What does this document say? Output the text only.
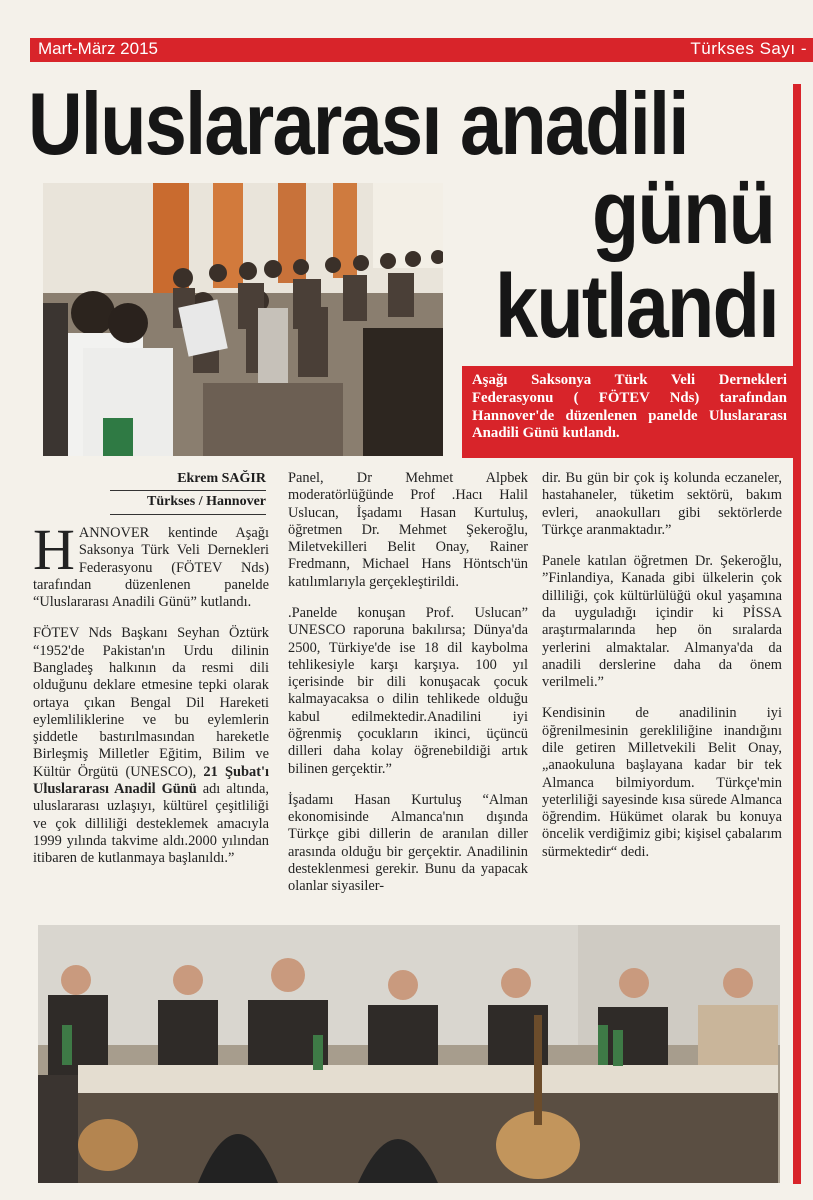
Mart-März 2015	Türkses Sayı -
Uluslararası anadili
günü
kutlandı
Aşağı Saksonya Türk Veli Dernekleri Federasyonu ( FÖTEV Nds) tarafından Hannover'de düzenlenen panelde Uluslararası Anadili Günü kutlandı.
Ekrem SAĞIR
Türkses / Hannover

HANNOVER kentinde Aşağı Saksonya Türk Veli Dernekleri Federasyonu (FÖTEV Nds) tarafından düzenlenen panelde “Uluslararası Anadili Günü” kutlandı.

FÖTEV Nds Başkanı Seyhan Öztürk “1952'de Pakistan'ın Urdu dilinin Bangladeş halkının da resmi dili olduğunu deklare etmesine tepki olarak ortaya çıkan Bengal Dil Hareketi eylemliliklerine ve bu eylemlerin şiddetle bastırılmasından hareketle Birleşmiş Milletler Eğitim, Bilim ve Kültür Örgütü (UNESCO), 21 Şubat'ı Uluslararası Anadil Günü adı altında, uluslararası uzlaşıyı, kültürel çeşitliliği ve çok dilliliği desteklemek amacıyla 1999 yılında takvime aldı.2000 yılından itibaren de kutlanmaya başlanıldı.”

Panel, Dr Mehmet Alpbek moderatörlüğünde Prof .Hacı Halil Uslucan, İşadamı Hasan Kurtuluş, öğretmen Dr. Mehmet Şekeroğlu, Miletvekilleri Belit Onay, Rainer Fredmann, Michael Hans Höntsch'ün katılımlarıyla gerçekleştirildi.

.Panelde konuşan Prof. Uslucan” UNESCO raporuna bakılırsa; Dünya'da 2500, Türkiye'de ise 18 dil kaybolma tehlikesiyle karşı karşıya. 100 yıl içerisinde bir dili konuşacak çocuk kalmayacaksa o dilin tehlikede olduğu kabul edilmektedir.Anadilini iyi öğrenmiş çocukların ikinci, üçüncü dilleri daha kolay öğrenebildiği artık bilinen gerçektir.”

İşadamı Hasan Kurtuluş “Alman ekonomisinde Almanca'nın dışında Türkçe gibi dillerin de aranılan diller arasında olduğu bir gerçektir. Anadilinin desteklenmesi gerekir. Bunu da yapacak olanlar siyasiler-

dir. Bu gün bir çok iş kolunda eczaneler, hastahaneler, tüketim sektörü, bakım evleri, anaokulları gibi sektörlerde Türkçe aranmaktadır.”

Panele katılan öğretmen Dr. Şekeroğlu, ”Finlandiya, Kanada gibi ülkelerin çok dilliliği, çok kültürlülüğü okul yaşamına da uyguladığı içindir ki PİSSA araştırmalarında hep ön sıralarda yerlerini almaktalar. Almanya'da da anadili derslerine daha da önem verilmeli.”

Kendisinin de anadilinin iyi öğrenilmesinin gerekliliğine inandığını dile getiren Milletvekili Belit Onay, „anaokuluna başlayana kadar bir tek Almanca bilmiyordum. Türkçe'min yeterliliği sayesinde kısa sürede Almanca öğrendim. Hükümet olarak bu konuya öncelik verdiğimiz gibi; kişisel çabalarım sürmektedir“ dedi.
